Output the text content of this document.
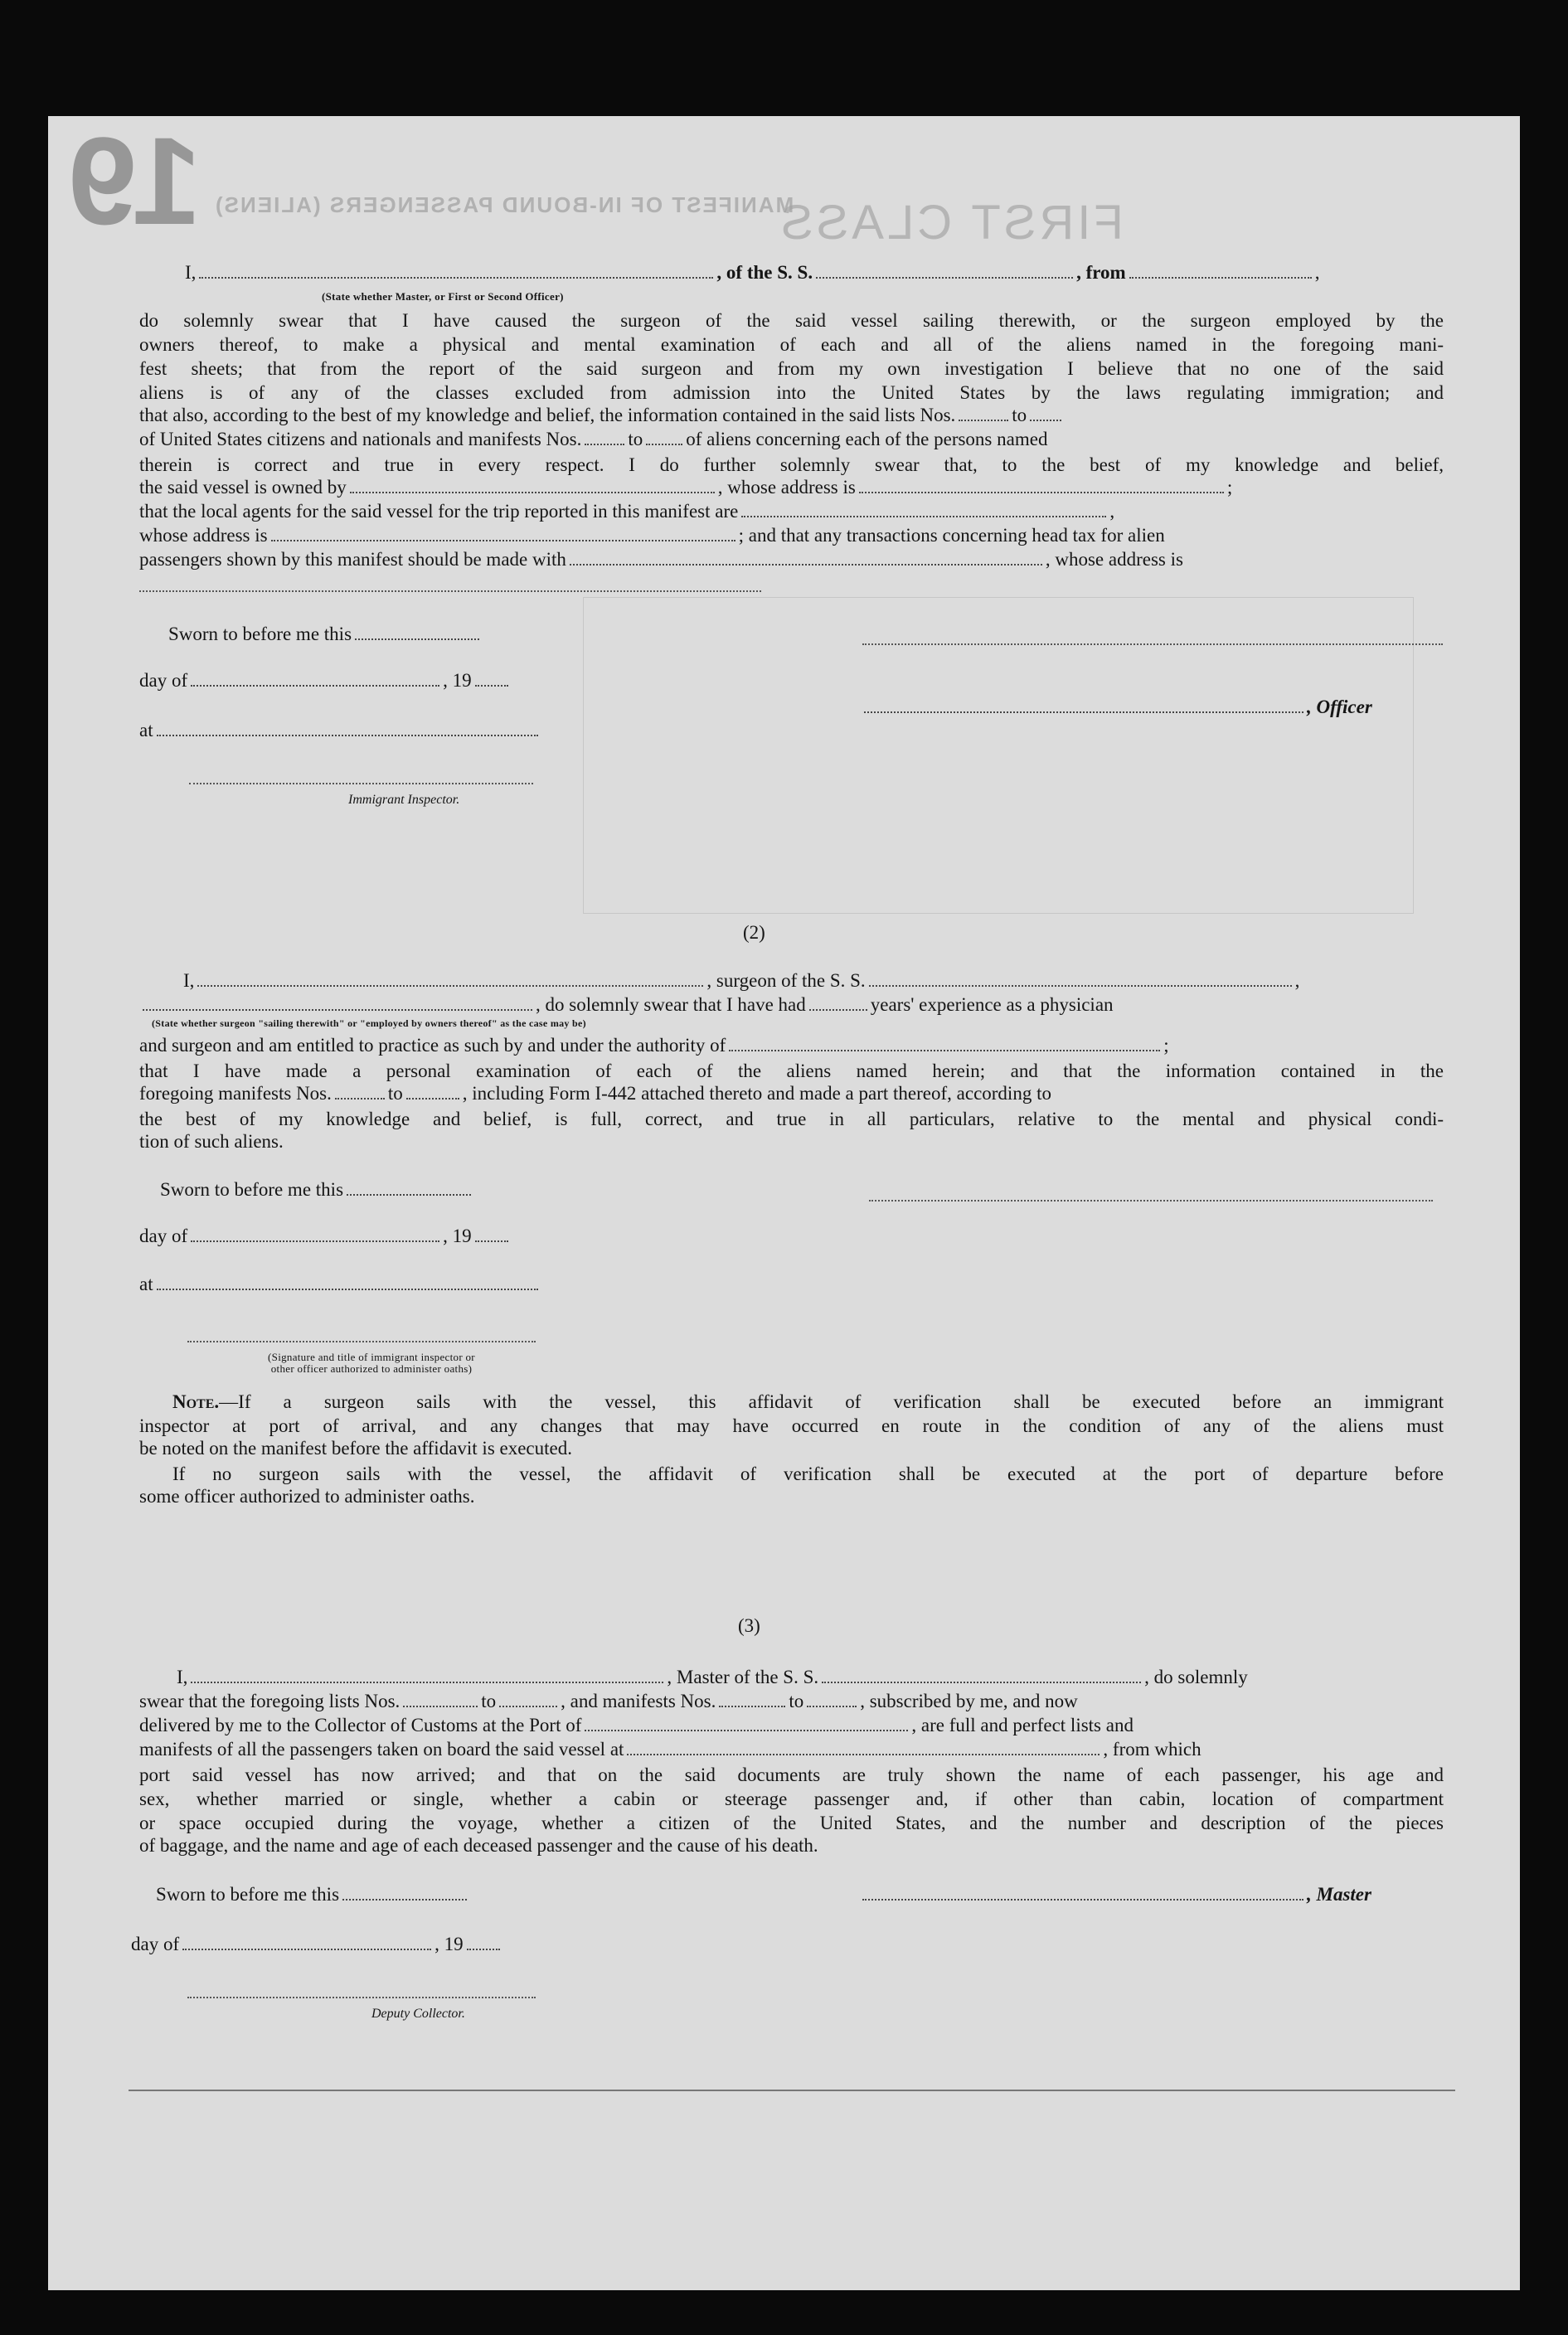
19	FIRST CLASS
MANIFEST OF IN-BOUND PASSENGERS (ALIENS)
I,	, of the S. S.	, from	,
(State whether Master, or First or Second Officer)
do solemnly swear that I have caused the surgeon of the said vessel sailing therewith, or the surgeon employed by the
owners thereof, to make a physical and mental examination of each and all of the aliens named in the foregoing mani-
fest sheets; that from the report of the said surgeon and from my own investigation I believe that no one of the said
aliens is of any of the classes excluded from admission into the United States by the laws regulating immigration; and
that also, according to the best of my knowledge and belief, the information contained in the said lists Nos.	to
of United States citizens and nationals and manifests Nos. to of aliens concerning each of the persons named
therein is correct and true in every respect. I do further solemnly swear that, to the best of my knowledge and belief,
the said vessel is owned by	, whose address is	;
that the local agents for the said vessel for the trip reported in this manifest are	,
whose address is	; and that any transactions concerning head tax for alien
passengers shown by this manifest should be made with	, whose address is
Sworn to before me this
day of	, 19
, Officer
at
Immigrant Inspector.
(2)
I,	, surgeon of the S. S.	,
, do solemnly swear that I have had	years' experience as a physician
(State whether surgeon "sailing therewith" or "employed by owners thereof" as the case may be)
and surgeon and am entitled to practice as such by and under the authority of	;
that I have made a personal examination of each of the aliens named herein; and that the information contained in the
foregoing manifests Nos.	to	, including Form I-442 attached thereto and made a part thereof, according to
the best of my knowledge and belief, is full, correct, and true in all particulars, relative to the mental and physical condi-
tion of such aliens.
Sworn to before me this
day of	, 19
at
(Signature and title of immigrant inspector or
other officer authorized to administer oaths)
Note.—If a surgeon sails with the vessel, this affidavit of verification shall be executed before an immigrant
inspector at port of arrival, and any changes that may have occurred en route in the condition of any of the aliens must
be noted on the manifest before the affidavit is executed.
If no surgeon sails with the vessel, the affidavit of verification shall be executed at the port of departure before
some officer authorized to administer oaths.
(3)
I,	, Master of the S. S.	, do solemnly
swear that the foregoing lists Nos.	to	, and manifests Nos.	to	, subscribed by me, and now
delivered by me to the Collector of Customs at the Port of	, are full and perfect lists and
manifests of all the passengers taken on board the said vessel at	, from which
port said vessel has now arrived; and that on the said documents are truly shown the name of each passenger, his age and
sex, whether married or single, whether a cabin or steerage passenger and, if other than cabin, location of compartment
or space occupied during the voyage, whether a citizen of the United States, and the number and description of the pieces
of baggage, and the name and age of each deceased passenger and the cause of his death.
Sworn to before me this	, Master
day of	, 19
Deputy Collector.
